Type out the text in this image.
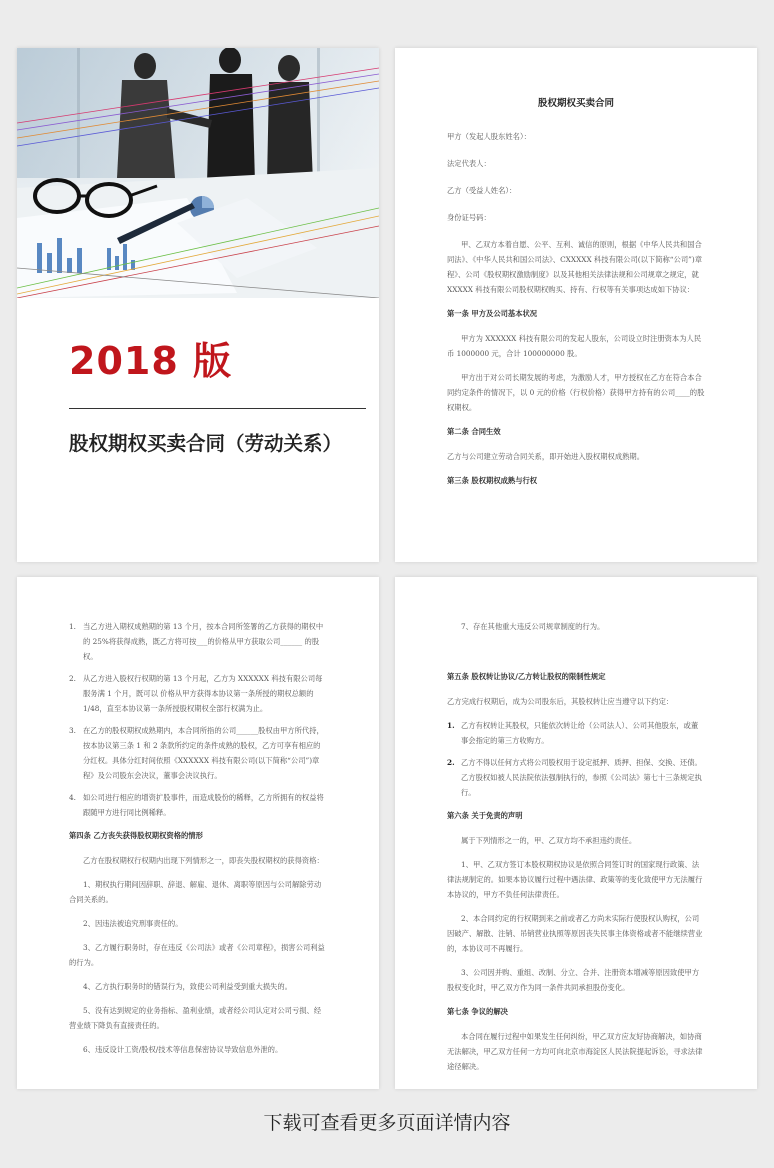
2018 版
股权期权买卖合同（劳动关系）
股权期权买卖合同

甲方（发起人股东姓名）：

法定代表人：

乙方（受益人姓名）：

身份证号码：

甲、乙双方本着自愿、公平、互利、诚信的原则，根据《中华人民共和国合同法》、《中华人民共和国公司法》、CXXXXX 科技有限公司(以下简称“公司”)章程》、公司《股权期权激励制度》以及其他相关法律法规和公司规章之规定，就 XXXXX 科技有限公司股权期权购买、持有、行权等有关事项达成如下协议：

第一条 甲方及公司基本状况

甲方为 XXXXXX 科技有限公司的发起人股东，公司设立时注册资本为人民币 1000000 元，合计 100000000 股。

甲方出于对公司长期发展的考虑，为激励人才，甲方授权在乙方在符合本合同约定条件的情况下，以 0 元的价格（行权价格）获得甲方持有的公司____的股权期权。

第二条 合同生效

乙方与公司建立劳动合同关系，即开始进入股权期权成熟期。

第三条 股权期权成熟与行权
1. 当乙方进入期权成熟期的第 13 个月，按本合同所签署的乙方获得的期权中的 25%将获得成熟，既乙方将可按___的价格从甲方获取公司______ 的股权。
2. 从乙方进入股权行权期的第 13 个月起，乙方为 XXXXXX 科技有限公司每服务满 1 个月，既可以 价格从甲方获得本协议第一条所授的期权总额的 1/48，直至本协议第一条所授股权期权全部行权满为止。
3. 在乙方的股权期权成熟期内，本合同所指的公司______股权由甲方所代持，按本协议第三条 1 和 2 条款所约定的条件成熟的股权，乙方可享有相应的分红权。具体分红时间依照《XXXXXX 科技有限公司(以下简称“公司”)章程》及公司股东会决议，董事会决议执行。
4. 如公司进行相应的增资扩股事件，而造成股份的稀释，乙方所拥有的权益将跟随甲方进行同比例稀释。
第四条 乙方丧失获得股权期权资格的情形

乙方在股权期权行权期内出现下列情形之一，即丧失股权期权的获得资格：

1、期权执行期间因辞职、辞退、解雇、退休、离职等原因与公司解除劳动合同关系的。

2、因违法被追究刑事责任的。

3、乙方履行职务时，存在违反《公司法》或者《公司章程》，损害公司利益的行为。

4、乙方执行职务时的错误行为，致使公司利益受到重大损失的。

5、没有达到规定的业务指标、盈利业绩，或者经公司认定对公司亏损、经营业绩下降负有直接责任的。

6、违反设计工资/股权/技术等信息保密协议导致信息外泄的。

7、存在其他重大违反公司规章制度的行为。

第五条 股权转让协议/乙方转让股权的限制性规定

乙方完成行权期后，成为公司股东后，其股权转让应当遵守以下约定：

1. 乙方有权转让其股权，只能依次转让给（公司法人）、公司其他股东，或董事会指定的第三方收购方。
2. 乙方不得以任何方式将公司股权用于设定抵押、质押、担保、交换、还债。乙方股权如被人民法院依法强制执行的，参照《公司法》第七十三条规定执行。
第六条 关于免责的声明

属于下列情形之一的，甲、乙双方均不承担违约责任。

1、甲、乙双方签订本股权期权协议是依照合同签订时的国家现行政策、法律法规制定的。如果本协议履行过程中遇法律、政策等的变化致使甲方无法履行本协议的，甲方不负任何法律责任。

2、本合同约定的行权期到来之前或者乙方尚未实际行使股权认购权，公司因破产、解散、注销、吊销营业执照等原因丧失民事主体资格或者不能继续营业的，本协议可不再履行。

3、公司因并购、重组、改制、分立、合并、注册资本增减等原因致使甲方股权变化时，甲乙双方作为同一条件共同承担股份变化。

第七条 争议的解决

本合同在履行过程中如果发生任何纠纷，甲乙双方应友好协商解决，如协商无法解决，甲乙双方任何一方均可向北京市海淀区人民法院提起诉讼，寻求法律途径解决。

下载可查看更多页面详情内容
